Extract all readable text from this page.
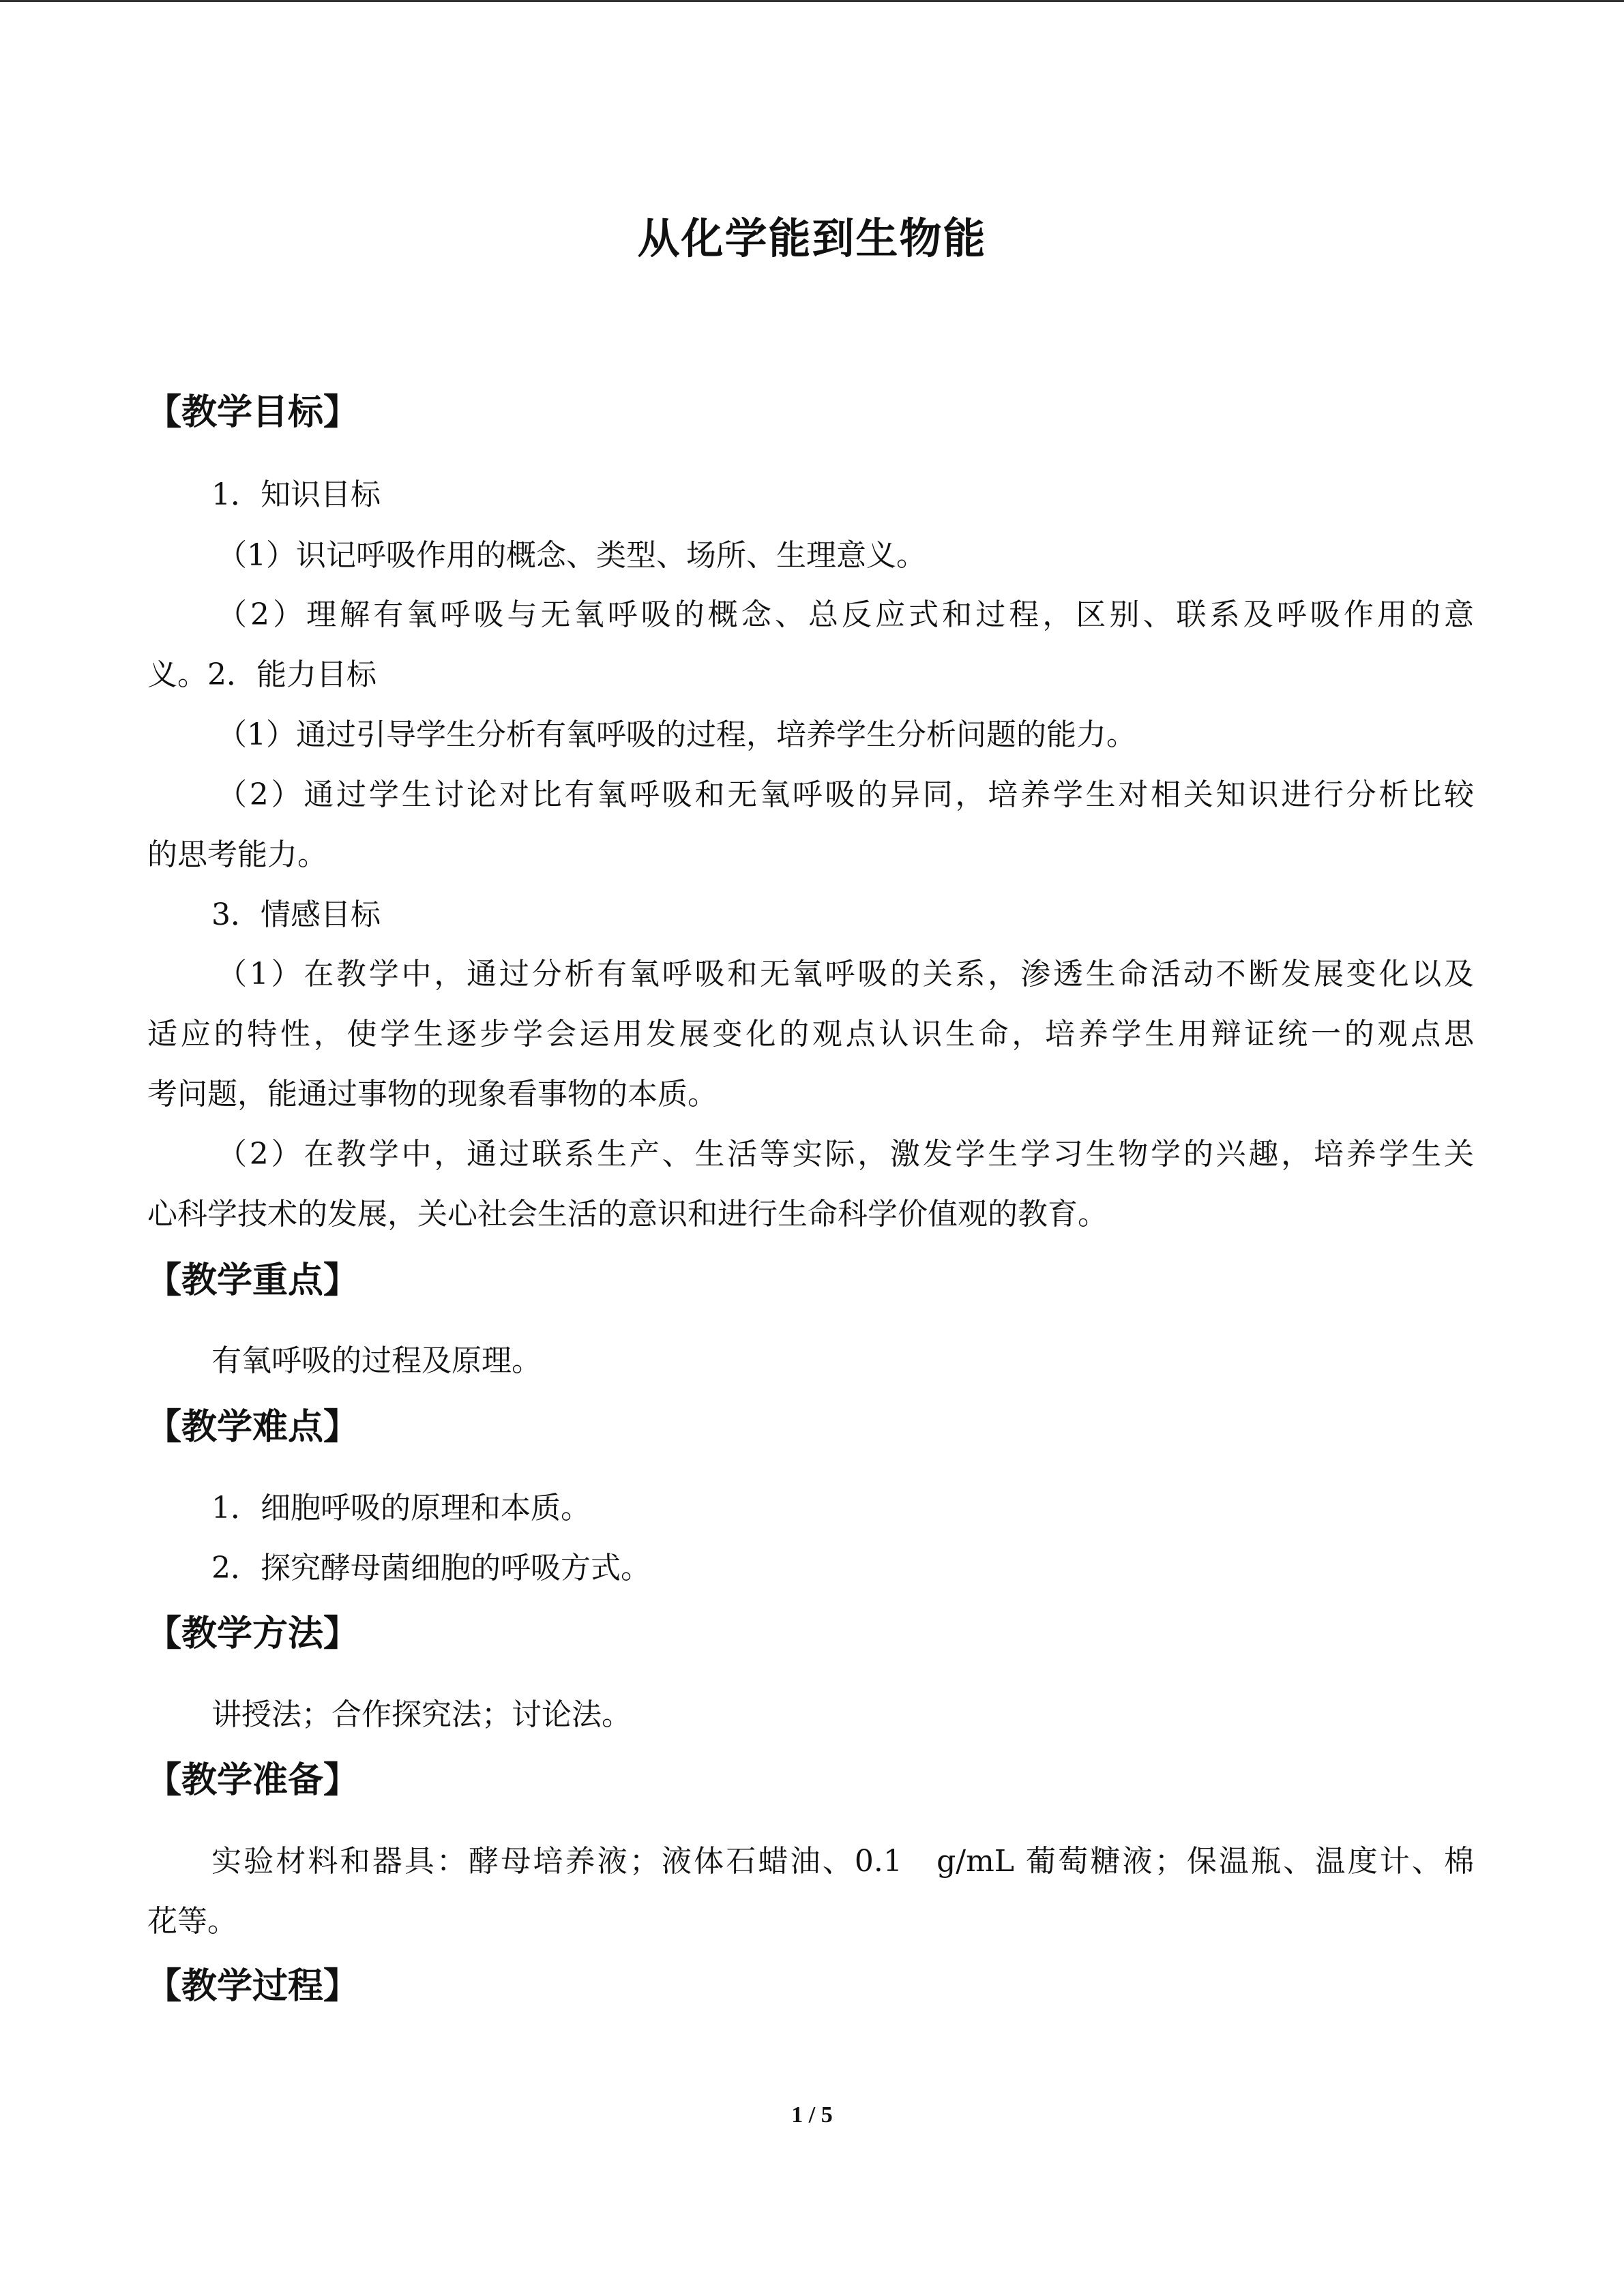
从化学能到生物能
【教学目标】
1．知识目标
（1）识记呼吸作用的概念、类型、场所、生理意义。
（2）理解有氧呼吸与无氧呼吸的概念、总反应式和过程，区别、联系及呼吸作用的意
义。2．能力目标
（1）通过引导学生分析有氧呼吸的过程，培养学生分析问题的能力。
（2）通过学生讨论对比有氧呼吸和无氧呼吸的异同，培养学生对相关知识进行分析比较
的思考能力。
3．情感目标
（1）在教学中，通过分析有氧呼吸和无氧呼吸的关系，渗透生命活动不断发展变化以及
适应的特性，使学生逐步学会运用发展变化的观点认识生命，培养学生用辩证统一的观点思
考问题，能通过事物的现象看事物的本质。
（2）在教学中，通过联系生产、生活等实际，激发学生学习生物学的兴趣，培养学生关
心科学技术的发展，关心社会生活的意识和进行生命科学价值观的教育。
【教学重点】
有氧呼吸的过程及原理。
【教学难点】
1．细胞呼吸的原理和本质。
2．探究酵母菌细胞的呼吸方式。
【教学方法】
讲授法；合作探究法；讨论法。
【教学准备】
实验材料和器具：酵母培养液；液体石蜡油、0.1　g/mL 葡萄糖液；保温瓶、温度计、棉
花等。
【教学过程】
1 / 5
